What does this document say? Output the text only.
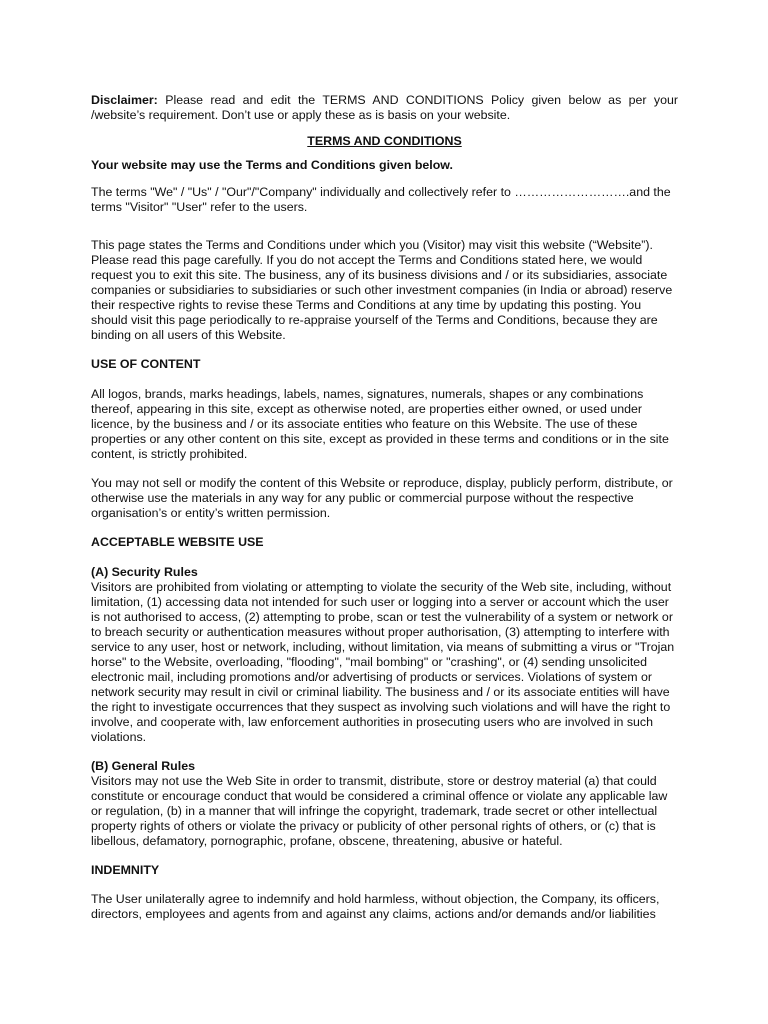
Disclaimer: Please read and edit the TERMS AND CONDITIONS Policy given below as per your /website’s requirement. Don’t use or apply these as is basis on your website.

TERMS AND CONDITIONS

Your website may use the Terms and Conditions given below.

The terms "We" / "Us" / "Our"/"Company" individually and collectively refer to ……………………….and the terms "Visitor" "User" refer to the users.

This page states the Terms and Conditions under which you (Visitor) may visit this website (“Website”). Please read this page carefully. If you do not accept the Terms and Conditions stated here, we would request you to exit this site. The business, any of its business divisions and / or its subsidiaries, associate companies or subsidiaries to subsidiaries or such other investment companies (in India or abroad) reserve their respective rights to revise these Terms and Conditions at any time by updating this posting. You should visit this page periodically to re-appraise yourself of the Terms and Conditions, because they are binding on all users of this Website.

USE OF CONTENT

All logos, brands, marks headings, labels, names, signatures, numerals, shapes or any combinations thereof, appearing in this site, except as otherwise noted, are properties either owned, or used under licence, by the business and / or its associate entities who feature on this Website. The use of these properties or any other content on this site, except as provided in these terms and conditions or in the site content, is strictly prohibited.

You may not sell or modify the content of this Website or reproduce, display, publicly perform, distribute, or otherwise use the materials in any way for any public or commercial purpose without the respective organisation’s or entity’s written permission.

ACCEPTABLE WEBSITE USE

(A) Security Rules
Visitors are prohibited from violating or attempting to violate the security of the Web site, including, without limitation, (1) accessing data not intended for such user or logging into a server or account which the user is not authorised to access, (2) attempting to probe, scan or test the vulnerability of a system or network or to breach security or authentication measures without proper authorisation, (3) attempting to interfere with service to any user, host or network, including, without limitation, via means of submitting a virus or "Trojan horse" to the Website, overloading, "flooding", "mail bombing" or "crashing", or (4) sending unsolicited electronic mail, including promotions and/or advertising of products or services. Violations of system or network security may result in civil or criminal liability. The business and / or its associate entities will have the right to investigate occurrences that they suspect as involving such violations and will have the right to involve, and cooperate with, law enforcement authorities in prosecuting users who are involved in such violations.
(B) General Rules
Visitors may not use the Web Site in order to transmit, distribute, store or destroy material (a) that could constitute or encourage conduct that would be considered a criminal offence or violate any applicable law or regulation, (b) in a manner that will infringe the copyright, trademark, trade secret or other intellectual property rights of others or violate the privacy or publicity of other personal rights of others, or (c) that is libellous, defamatory, pornographic, profane, obscene, threatening, abusive or hateful.

INDEMNITY

The User unilaterally agree to indemnify and hold harmless, without objection, the Company, its officers, directors, employees and agents from and against any claims, actions and/or demands and/or liabilities
